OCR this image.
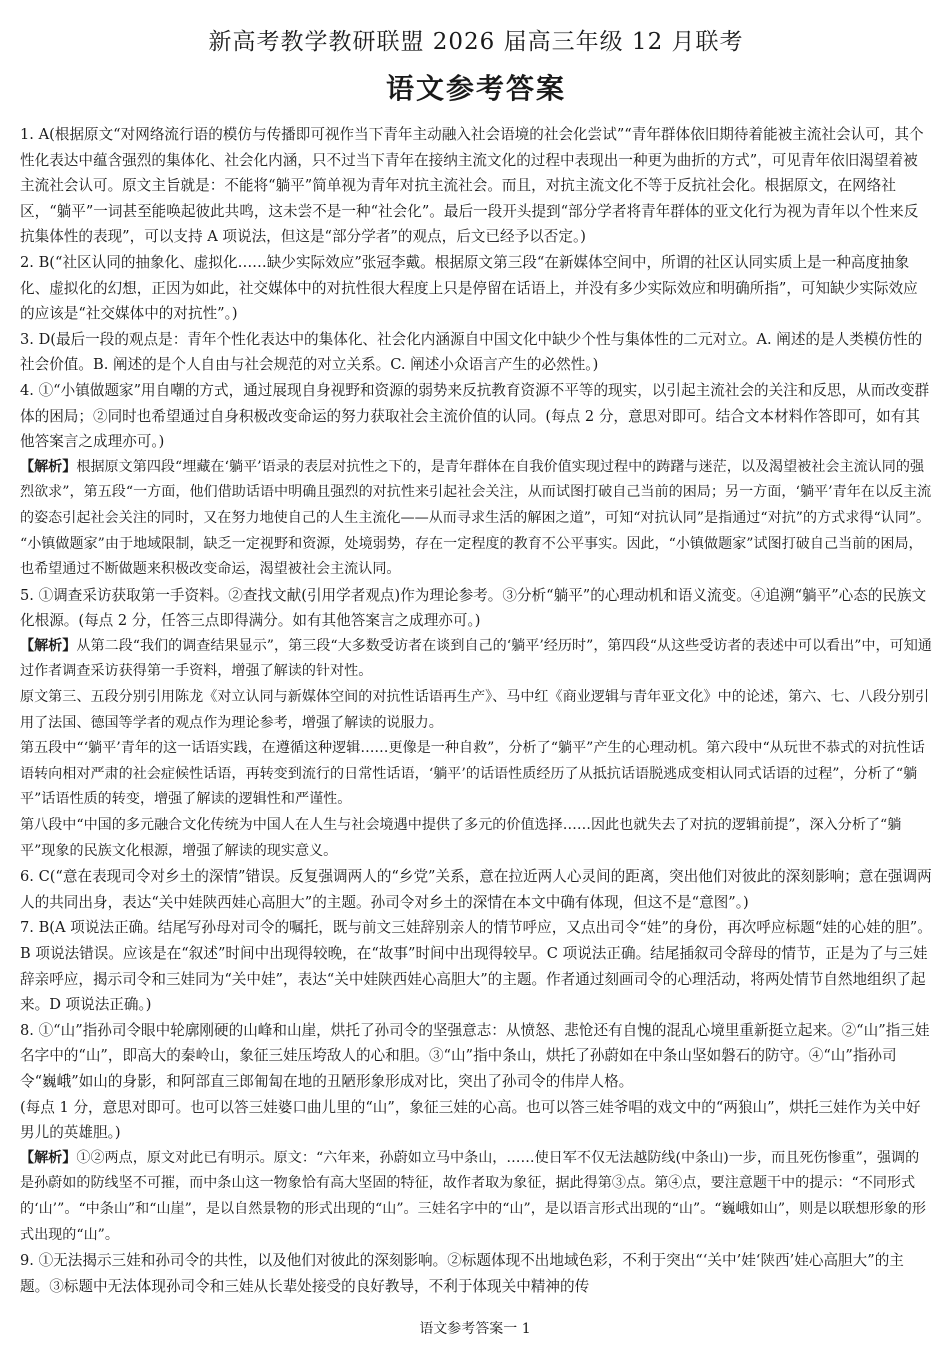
新高考教学教研联盟 2026 届高三年级 12 月联考
语文参考答案

1. A(根据原文“对网络流行语的模仿与传播即可视作当下青年主动融入社会语境的社会化尝试”“青年群体依旧期待着能被主流社会认可，其个性化表达中蕴含强烈的集体化、社会化内涵，只不过当下青年在接纳主流文化的过程中表现出一种更为曲折的方式”，可见青年依旧渴望着被主流社会认可。原文主旨就是：不能将“躺平”简单视为青年对抗主流社会。而且，对抗主流文化不等于反抗社会化。根据原文，在网络社区，“躺平”一词甚至能唤起彼此共鸣，这未尝不是一种“社会化”。最后一段开头提到“部分学者将青年群体的亚文化行为视为青年以个性来反抗集体性的表现”，可以支持 A 项说法，但这是“部分学者”的观点，后文已经予以否定。)

2. B(“社区认同的抽象化、虚拟化……缺少实际效应”张冠李戴。根据原文第三段“在新媒体空间中，所谓的社区认同实质上是一种高度抽象化、虚拟化的幻想，正因为如此，社交媒体中的对抗性很大程度上只是停留在话语上，并没有多少实际效应和明确所指”，可知缺少实际效应的应该是“社交媒体中的对抗性”。)

3. D(最后一段的观点是：青年个性化表达中的集体化、社会化内涵源自中国文化中缺少个性与集体性的二元对立。A. 阐述的是人类模仿性的社会价值。B. 阐述的是个人自由与社会规范的对立关系。C. 阐述小众语言产生的必然性。)

4. ①“小镇做题家”用自嘲的方式，通过展现自身视野和资源的弱势来反抗教育资源不平等的现实，以引起主流社会的关注和反思，从而改变群体的困局；②同时也希望通过自身积极改变命运的努力获取社会主流价值的认同。(每点 2 分，意思对即可。结合文本材料作答即可，如有其他答案言之成理亦可。)

【解析】根据原文第四段“埋藏在‘躺平’语录的表层对抗性之下的，是青年群体在自我价值实现过程中的踌躇与迷茫，以及渴望被社会主流认同的强烈欲求”，第五段“一方面，他们借助话语中明确且强烈的对抗性来引起社会关注，从而试图打破自己当前的困局；另一方面，‘躺平’青年在以反主流的姿态引起社会关注的同时，又在努力地使自己的人生主流化——从而寻求生活的解困之道”，可知“对抗认同”是指通过“对抗”的方式求得“认同”。

“小镇做题家”由于地域限制，缺乏一定视野和资源，处境弱势，存在一定程度的教育不公平事实。因此，“小镇做题家”试图打破自己当前的困局，也希望通过不断做题来积极改变命运，渴望被社会主流认同。

5. ①调查采访获取第一手资料。②查找文献(引用学者观点)作为理论参考。③分析“躺平”的心理动机和语义流变。④追溯“躺平”心态的民族文化根源。(每点 2 分，任答三点即得满分。如有其他答案言之成理亦可。)

【解析】从第二段“我们的调查结果显示”，第三段“大多数受访者在谈到自己的‘躺平’经历时”，第四段“从这些受访者的表述中可以看出”中，可知通过作者调查采访获得第一手资料，增强了解读的针对性。

原文第三、五段分别引用陈龙《对立认同与新媒体空间的对抗性话语再生产》、马中红《商业逻辑与青年亚文化》中的论述，第六、七、八段分别引用了法国、德国等学者的观点作为理论参考，增强了解读的说服力。

第五段中“‘躺平’青年的这一话语实践，在遵循这种逻辑……更像是一种自救”，分析了“躺平”产生的心理动机。第六段中“从玩世不恭式的对抗性话语转向相对严肃的社会症候性话语，再转变到流行的日常性话语，‘躺平’的话语性质经历了从抵抗话语脱逃成变相认同式话语的过程”，分析了“躺平”话语性质的转变，增强了解读的逻辑性和严谨性。

第八段中“中国的多元融合文化传统为中国人在人生与社会境遇中提供了多元的价值选择……因此也就失去了对抗的逻辑前提”，深入分析了“躺平”现象的民族文化根源，增强了解读的现实意义。

6. C(“意在表现司令对乡土的深情”错误。反复强调两人的“乡党”关系，意在拉近两人心灵间的距离，突出他们对彼此的深刻影响；意在强调两人的共同出身，表达“关中娃陕西娃心高胆大”的主题。孙司令对乡土的深情在本文中确有体现，但这不是“意图”。)

7. B(A 项说法正确。结尾写孙母对司令的嘱托，既与前文三娃辞别亲人的情节呼应，又点出司令“娃”的身份，再次呼应标题“娃的心娃的胆”。B 项说法错误。应该是在“叙述”时间中出现得较晚，在“故事”时间中出现得较早。C 项说法正确。结尾插叙司令辞母的情节，正是为了与三娃辞亲呼应，揭示司令和三娃同为“关中娃”，表达“关中娃陕西娃心高胆大”的主题。作者通过刻画司令的心理活动，将两处情节自然地组织了起来。D 项说法正确。)

8. ①“山”指孙司令眼中轮廓刚硬的山峰和山崖，烘托了孙司令的坚强意志：从愤怒、悲怆还有自愧的混乱心境里重新挺立起来。②“山”指三娃名字中的“山”，即高大的秦岭山，象征三娃压垮敌人的心和胆。③“山”指中条山，烘托了孙蔚如在中条山坚如磐石的防守。④“山”指孙司令“巍峨”如山的身影，和阿部直三郎匍匐在地的丑陋形象形成对比，突出了孙司令的伟岸人格。

(每点 1 分，意思对即可。也可以答三娃婆口曲儿里的“山”，象征三娃的心高。也可以答三娃爷唱的戏文中的“两狼山”，烘托三娃作为关中好男儿的英雄胆。)

【解析】①②两点，原文对此已有明示。原文：“六年来，孙蔚如立马中条山，……使日军不仅无法越防线(中条山)一步，而且死伤惨重”，强调的是孙蔚如的防线坚不可摧，而中条山这一物象恰有高大坚固的特征，故作者取为象征，据此得第③点。第④点，要注意题干中的提示：“不同形式的‘山’”。“中条山”和“山崖”，是以自然景物的形式出现的“山”。三娃名字中的“山”，是以语言形式出现的“山”。“巍峨如山”，则是以联想形象的形式出现的“山”。

9. ①无法揭示三娃和孙司令的共性，以及他们对彼此的深刻影响。②标题体现不出地域色彩，不利于突出“‘关中’娃‘陕西’娃心高胆大”的主题。③标题中无法体现孙司令和三娃从长辈处接受的良好教导，不利于体现关中精神的传

语文参考答案一 1
